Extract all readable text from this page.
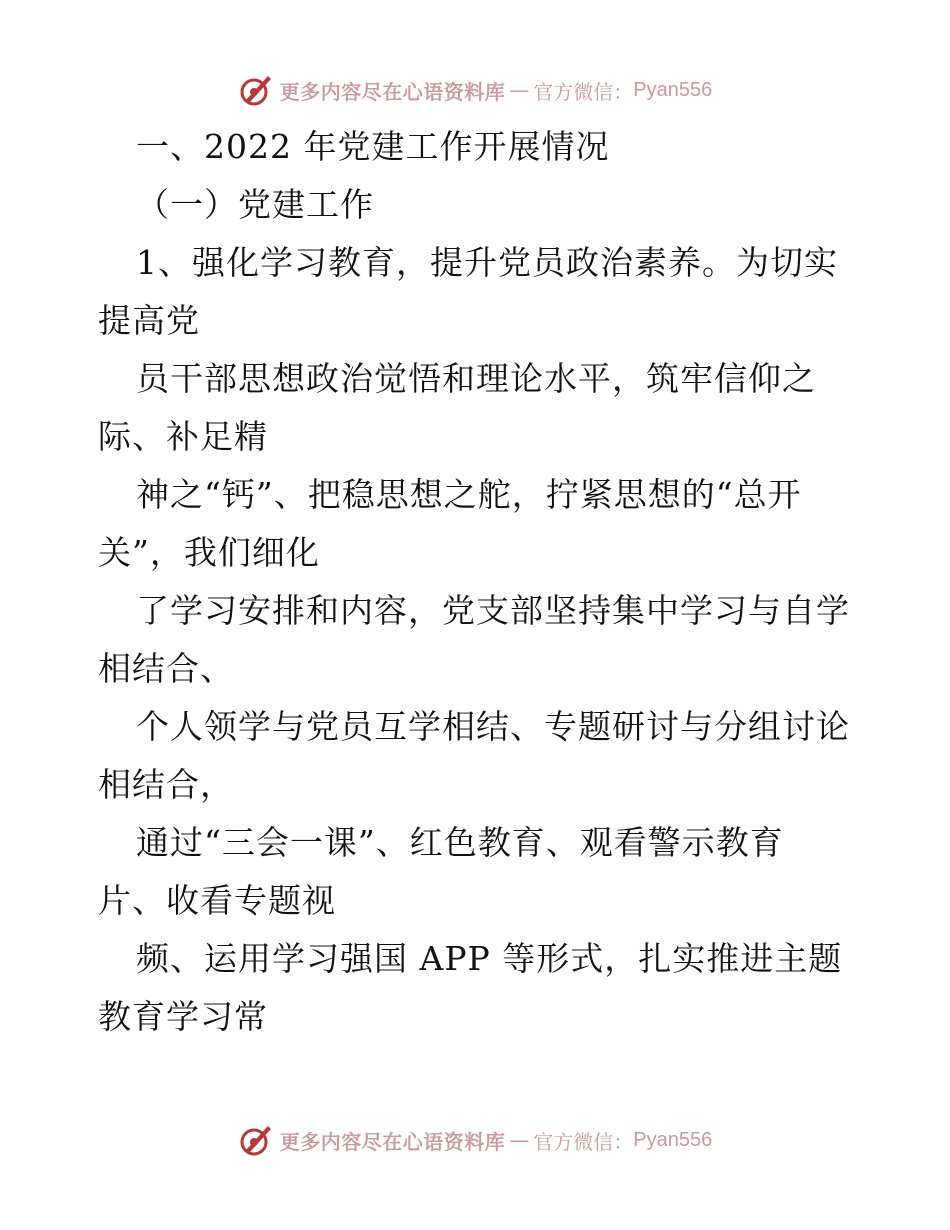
更多内容尽在心语资料库 — 官方微信： Pyan556
一、2022 年党建工作开展情况
（一）党建工作
1、强化学习教育，提升党员政治素养。为切实
提高党
员干部思想政治觉悟和理论水平，筑牢信仰之
际、补足精
神之“钙”、把稳思想之舵，拧紧思想的“总开
关”，我们细化
了学习安排和内容，党支部坚持集中学习与自学
相结合、
个人领学与党员互学相结、专题研讨与分组讨论
相结合，
通过“三会一课”、红色教育、观看警示教育
片、收看专题视
频、运用学习强国 APP 等形式，扎实推进主题
教育学习常
更多内容尽在心语资料库 — 官方微信： Pyan556
